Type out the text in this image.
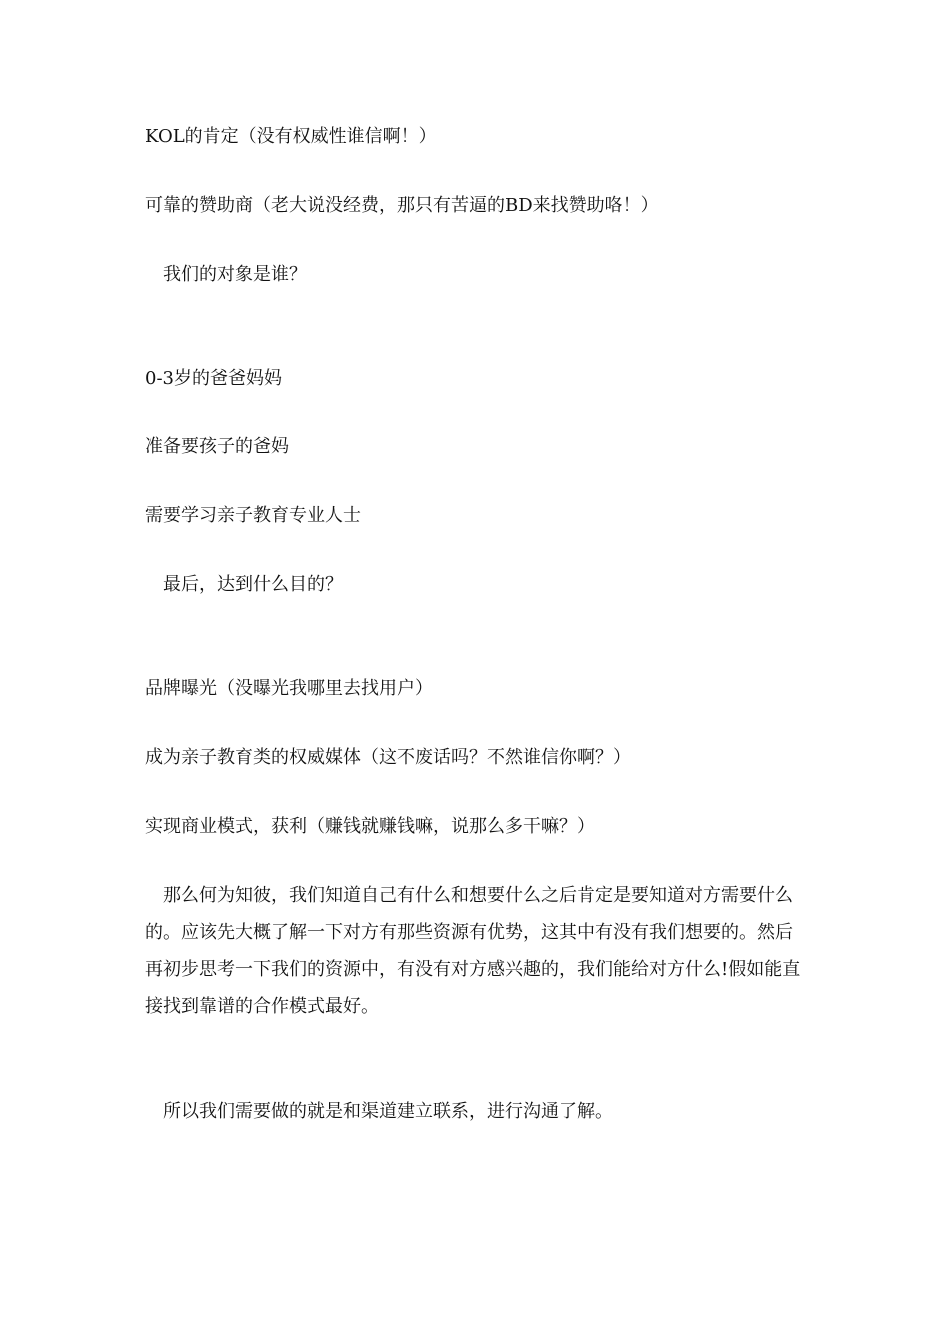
KOL的肯定（没有权威性谁信啊！）

可靠的赞助商（老大说没经费，那只有苦逼的BD来找赞助咯！）

我们的对象是谁？

0-3岁的爸爸妈妈

准备要孩子的爸妈

需要学习亲子教育专业人士

最后，达到什么目的？

品牌曝光（没曝光我哪里去找用户）

成为亲子教育类的权威媒体（这不废话吗？不然谁信你啊？）

实现商业模式，获利（赚钱就赚钱嘛，说那么多干嘛？）

那么何为知彼，我们知道自己有什么和想要什么之后肯定是要知道对方需要什么的。应该先大概了解一下对方有那些资源有优势，这其中有没有我们想要的。然后再初步思考一下我们的资源中，有没有对方感兴趣的，我们能给对方什么!假如能直接找到靠谱的合作模式最好。

所以我们需要做的就是和渠道建立联系，进行沟通了解。
